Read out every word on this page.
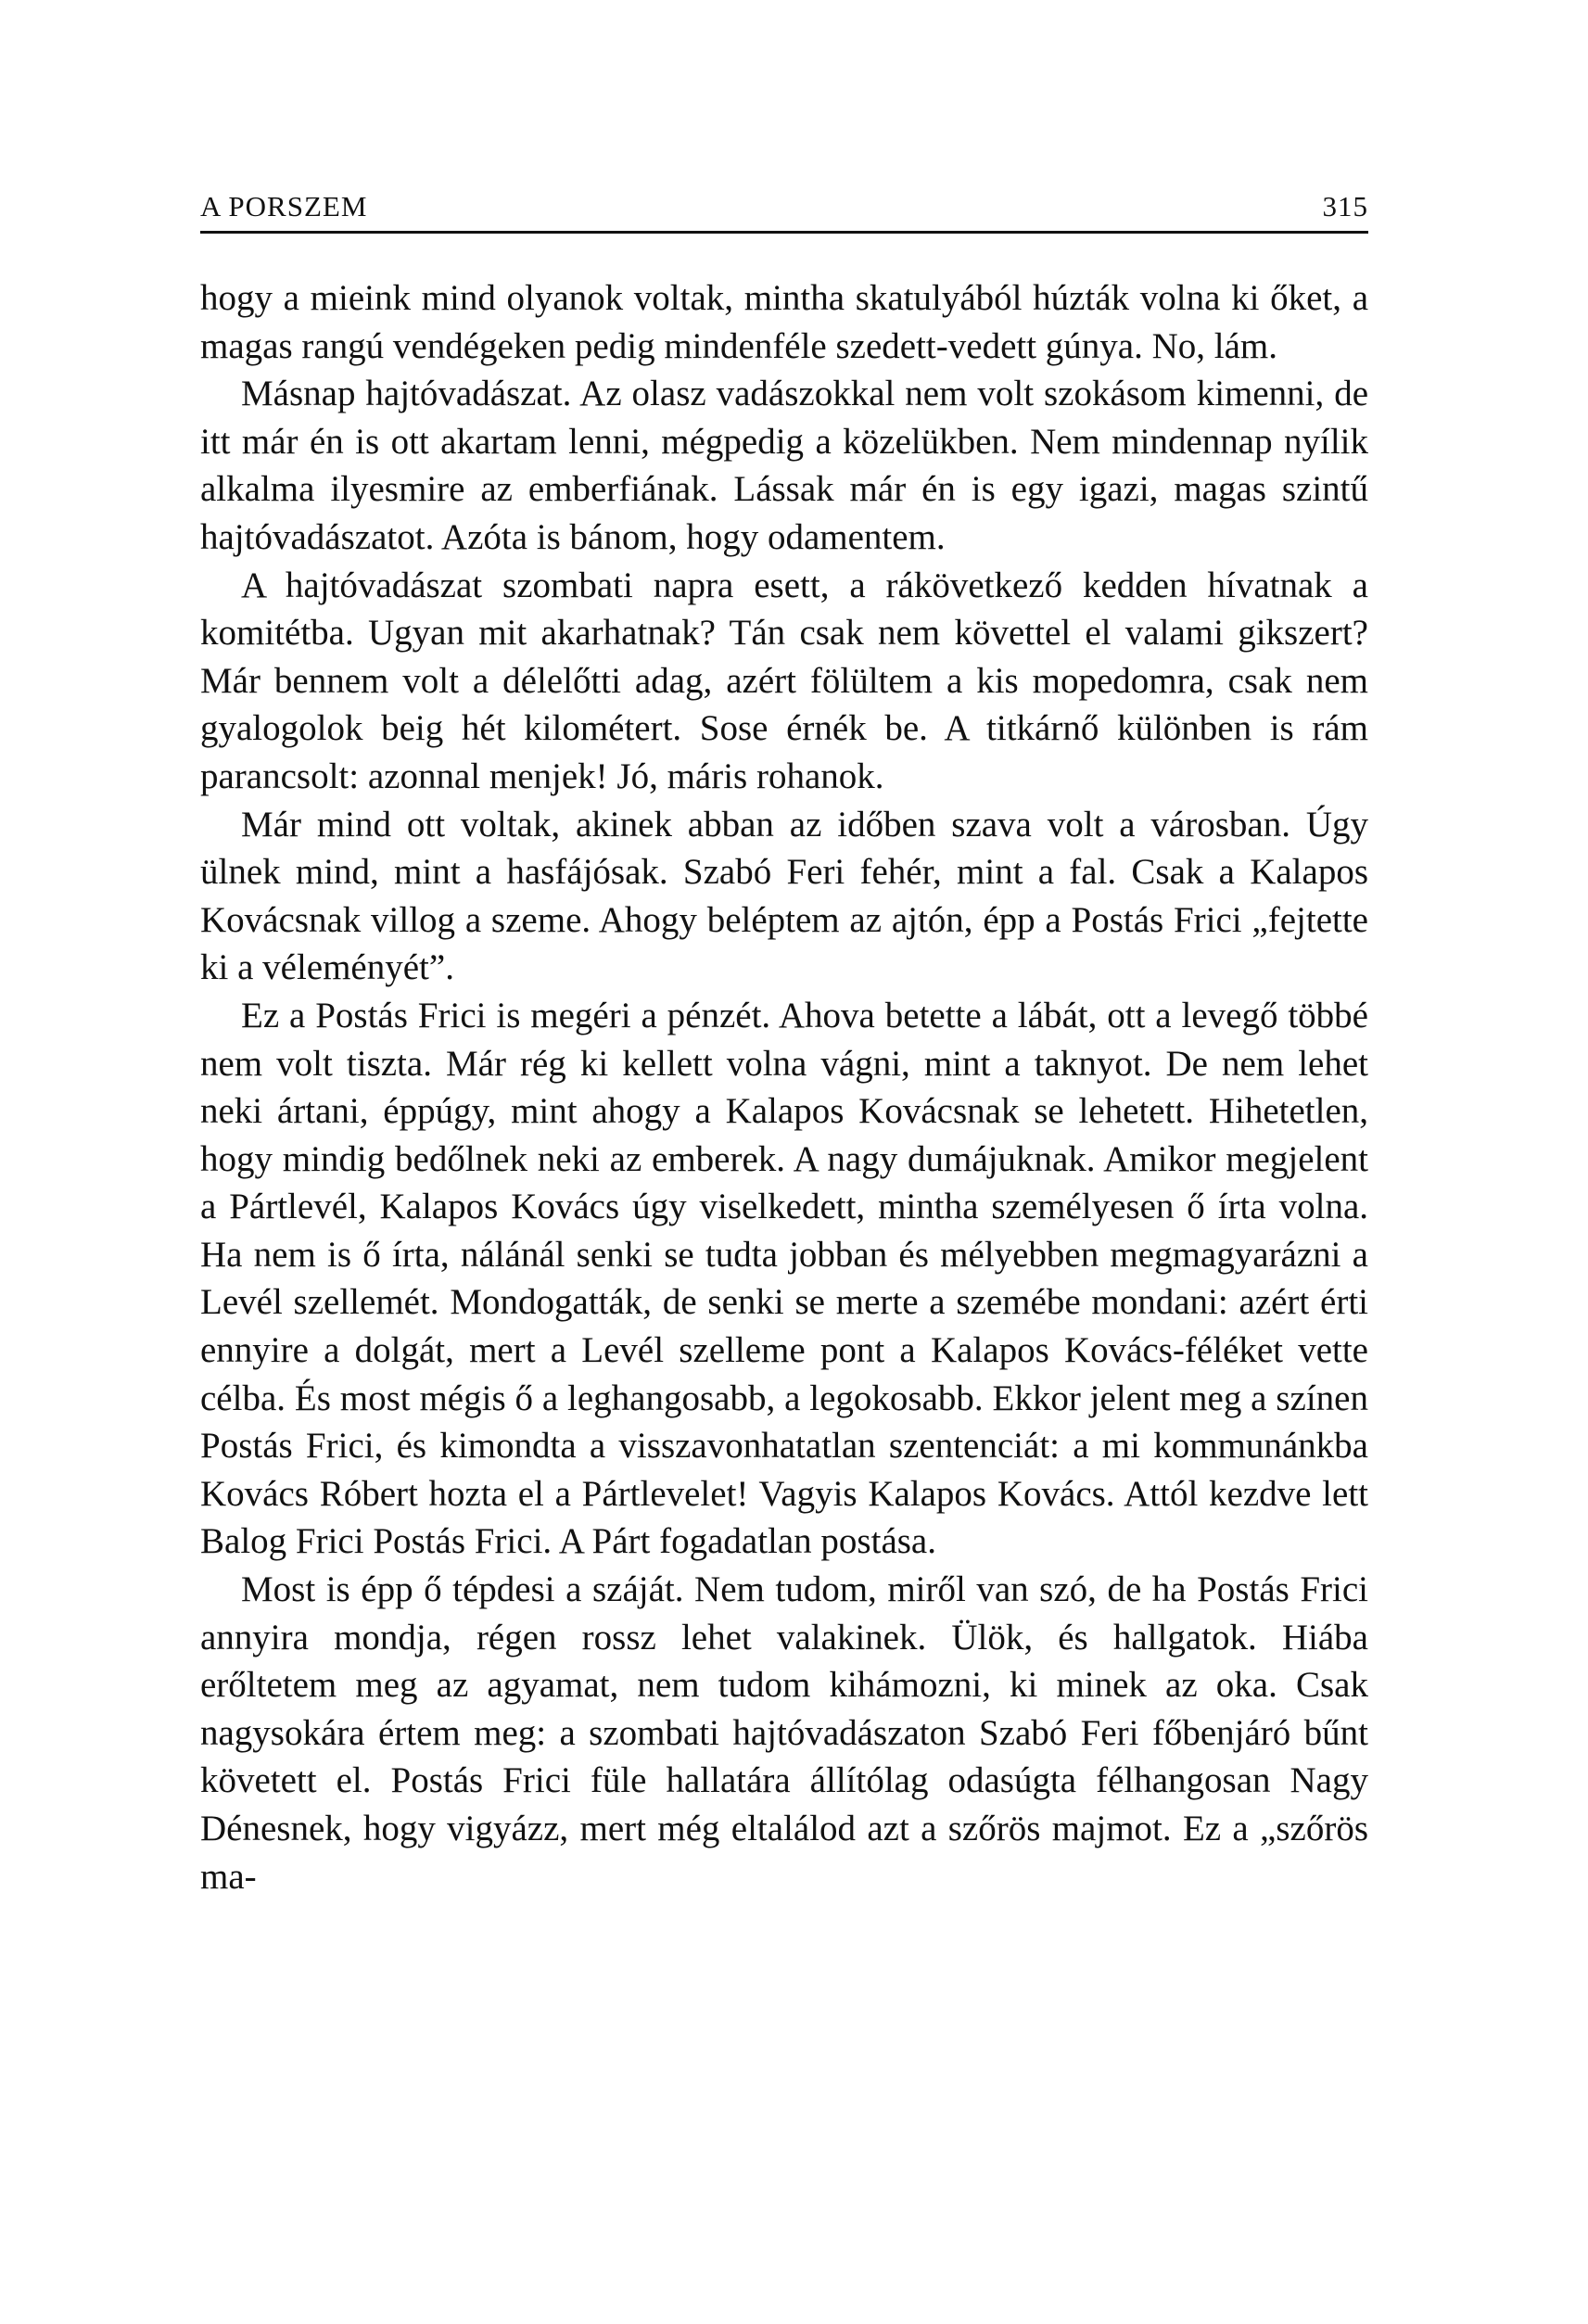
A PORSZEM	315

hogy a mieink mind olyanok voltak, mintha skatulyából húzták volna ki őket, a magas rangú vendégeken pedig mindenféle szedett-vedett gúnya. No, lám.

Másnap hajtóvadászat. Az olasz vadászokkal nem volt szokásom kimenni, de itt már én is ott akartam lenni, mégpedig a közelükben. Nem mindennap nyílik alkalma ilyesmire az emberfiának. Lássak már én is egy igazi, magas szintű hajtóvadászatot. Azóta is bánom, hogy odamentem.

A hajtóvadászat szombati napra esett, a rákövetkező kedden hívatnak a komitétba. Ugyan mit akarhatnak? Tán csak nem követtel el valami gikszert? Már bennem volt a délelőtti adag, azért fölültem a kis mopedomra, csak nem gyalogolok beig hét kilométert. Sose érnék be. A titkárnő különben is rám parancsolt: azonnal menjek! Jó, máris rohanok.

Már mind ott voltak, akinek abban az időben szava volt a városban. Úgy ülnek mind, mint a hasfájósak. Szabó Feri fehér, mint a fal. Csak a Kalapos Kovácsnak villog a szeme. Ahogy beléptem az ajtón, épp a Postás Frici „fejtette ki a véleményét”.

Ez a Postás Frici is megéri a pénzét. Ahova betette a lábát, ott a levegő többé nem volt tiszta. Már rég ki kellett volna vágni, mint a taknyot. De nem lehet neki ártani, éppúgy, mint ahogy a Kalapos Kovácsnak se lehetett. Hihetetlen, hogy mindig bedőlnek neki az emberek. A nagy dumájuknak. Amikor megjelent a Pártlevél, Kalapos Kovács úgy viselkedett, mintha személyesen ő írta volna. Ha nem is ő írta, nálánál senki se tudta jobban és mélyebben megmagyarázni a Levél szellemét. Mondogatták, de senki se merte a szemébe mondani: azért érti ennyire a dolgát, mert a Levél szelleme pont a Kalapos Kovács-féléket vette célba. És most mégis ő a leghangosabb, a legokosabb. Ekkor jelent meg a színen Postás Frici, és kimondta a visszavonhatatlan szentenciát: a mi kommunánkba Kovács Róbert hozta el a Pártlevelet! Vagyis Kalapos Kovács. Attól kezdve lett Balog Frici Postás Frici. A Párt fogadatlan postása.

Most is épp ő tépdesi a száját. Nem tudom, miről van szó, de ha Postás Frici annyira mondja, régen rossz lehet valakinek. Ülök, és hallgatok. Hiába erőltetem meg az agyamat, nem tudom kihámozni, ki minek az oka. Csak nagysokára értem meg: a szombati hajtóvadászaton Szabó Feri főbenjáró bűnt követett el. Postás Frici füle hallatára állítólag odasúgta félhangosan Nagy Dénesnek, hogy vigyázz, mert még eltalálod azt a szőrös majmot. Ez a „szőrös ma-
